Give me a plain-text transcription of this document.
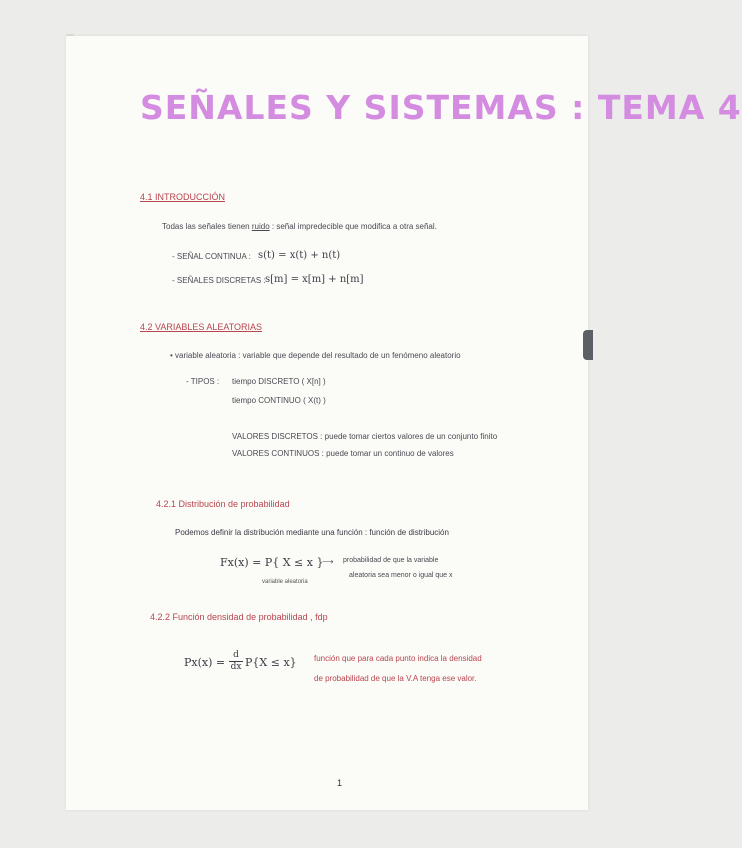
SEÑALES Y SISTEMAS : TEMA 4
4.1 INTRODUCCIÓN
Todas las señales tienen ruido : señal impredecible que modifica a otra señal.
- SEÑAL CONTINUA : s(t) = x(t) + n(t)
- SEÑALES DISCRETAS : s[m] = x[m] + n[m]
4.2 VARIABLES ALEATORIAS
• variable aleatoria : variable que depende del resultado de un fenómeno aleatorio
- TIPOS : tiempo DISCRETO ( X[n] )
tiempo CONTINUO ( X(t) )
VALORES DISCRETOS : puede tomar ciertos valores de un conjunto finito
VALORES CONTINUOS : puede tomar un continuo de valores
4.2.1 Distribución de probabilidad
Podemos definir la distribución mediante una función : función de distribución
Fx(x) = P{ X ≤ x }
variable aleatoria
⟶ probabilidad de que la variable
aleatoria sea menor o igual que x
4.2.2 Función densidad de probabilidad , fdp
$Px(x) = \frac{d}{dx} P\{X \le x\}$ función que para cada punto indica la densidad
de probabilidad de que la V.A tenga ese valor.
1
